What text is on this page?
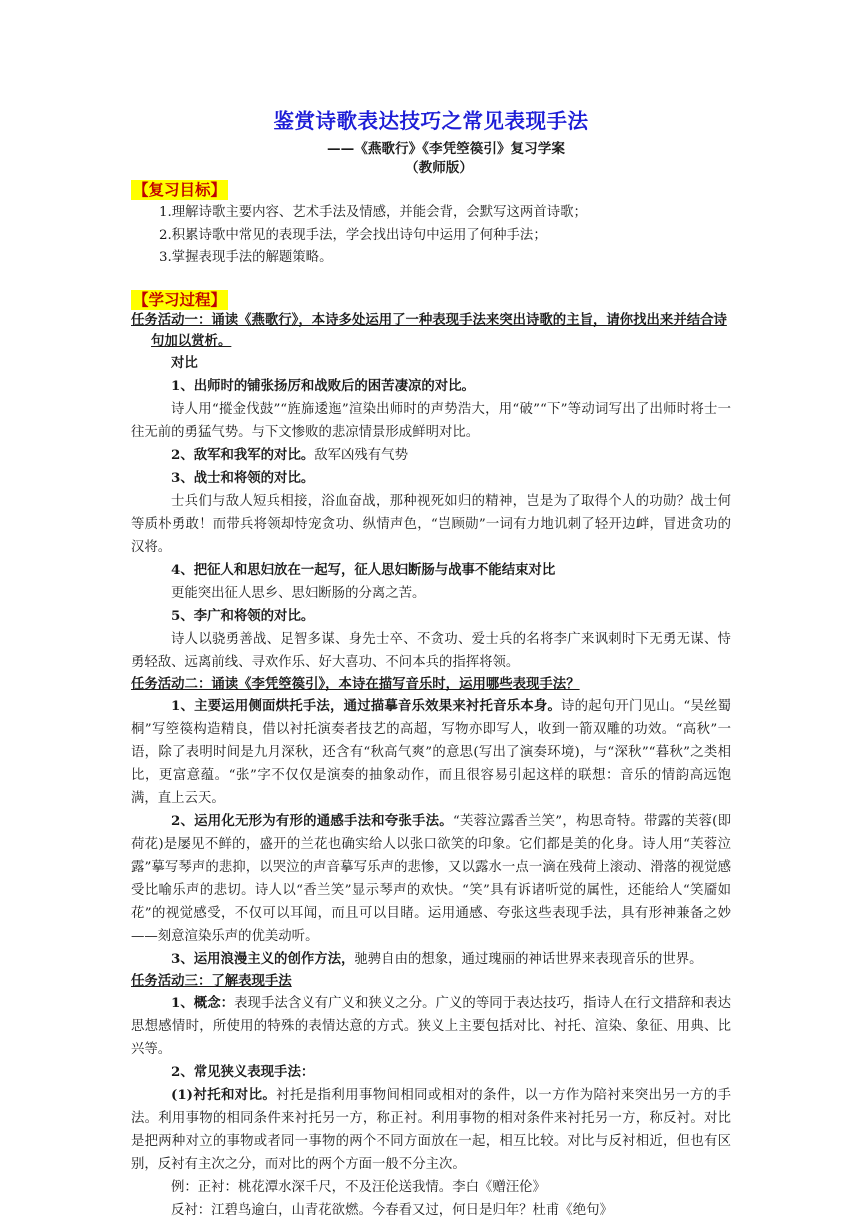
鉴赏诗歌表达技巧之常见表现手法
——《燕歌行》《李凭箜篌引》复习学案
（教师版）
【复习目标】
1.理解诗歌主要内容、艺术手法及情感，并能会背，会默写这两首诗歌；
2.积累诗歌中常见的表现手法，学会找出诗句中运用了何种手法；
3.掌握表现手法的解题策略。
【学习过程】
任务活动一：诵读《燕歌行》，本诗多处运用了一种表现手法来突出诗歌的主旨，请你找出来并结合诗句加以赏析。
对比
1、出师时的铺张扬厉和战败后的困苦凄凉的对比。
诗人用“摐金伐鼓”“旌旆逶迤”渲染出师时的声势浩大，用“破”“下”等动词写出了出师时将士一往无前的勇猛气势。与下文惨败的悲凉情景形成鲜明对比。
2、敌军和我军的对比。敌军凶残有气势
3、战士和将领的对比。
士兵们与敌人短兵相接，浴血奋战，那种视死如归的精神，岂是为了取得个人的功勋？战士何等质朴勇敢！而带兵将领却恃宠贪功、纵情声色，“岂顾勋”一词有力地讥刺了轻开边衅，冒进贪功的汉将。
4、把征人和思妇放在一起写，征人思妇断肠与战事不能结束对比
更能突出征人思乡、思妇断肠的分离之苦。
5、李广和将领的对比。
诗人以骁勇善战、足智多谋、身先士卒、不贪功、爱士兵的名将李广来讽刺时下无勇无谋、恃勇轻敌、远离前线、寻欢作乐、好大喜功、不问本兵的指挥将领。
任务活动二：诵读《李凭箜篌引》，本诗在描写音乐时，运用哪些表现手法？
1、主要运用侧面烘托手法，通过描摹音乐效果来衬托音乐本身。诗的起句开门见山。“吴丝蜀桐”写箜篌构造精良，借以衬托演奏者技艺的高超，写物亦即写人，收到一箭双雕的功效。“高秋”一语，除了表明时间是九月深秋，还含有“秋高气爽”的意思(写出了演奏环境)，与“深秋”“暮秋”之类相比，更富意蕴。“张”字不仅仅是演奏的抽象动作，而且很容易引起这样的联想：音乐的情韵高远饱满，直上云天。
2、运用化无形为有形的通感手法和夸张手法。“芙蓉泣露香兰笑”，构思奇特。带露的芙蓉(即荷花)是屡见不鲜的，盛开的兰花也确实给人以张口欲笑的印象。它们都是美的化身。诗人用“芙蓉泣露”摹写琴声的悲抑，以哭泣的声音摹写乐声的悲惨，又以露水一点一滴在残荷上滚动、滑落的视觉感受比喻乐声的悲切。诗人以“香兰笑”显示琴声的欢快。“笑”具有诉诸听觉的属性，还能给人“笑靥如花”的视觉感受，不仅可以耳闻，而且可以目睹。运用通感、夸张这些表现手法，具有形神兼备之妙——刻意渲染乐声的优美动听。
3、运用浪漫主义的创作方法，驰骋自由的想象，通过瑰丽的神话世界来表现音乐的世界。
任务活动三：了解表现手法
1、概念：表现手法含义有广义和狭义之分。广义的等同于表达技巧，指诗人在行文措辞和表达思想感情时，所使用的特殊的表情达意的方式。狭义上主要包括对比、衬托、渲染、象征、用典、比兴等。
2、常见狭义表现手法：
(1)衬托和对比。衬托是指利用事物间相同或相对的条件，以一方作为陪衬来突出另一方的手法。利用事物的相同条件来衬托另一方，称正衬。利用事物的相对条件来衬托另一方，称反衬。对比是把两种对立的事物或者同一事物的两个不同方面放在一起，相互比较。对比与反衬相近，但也有区别，反衬有主次之分，而对比的两个方面一般不分主次。
例：正衬：桃花潭水深千尺，不及汪伦送我情。李白《赠汪伦》
反衬：江碧鸟逾白，山青花欲燃。今春看又过，何日是归年？杜甫《绝句》
